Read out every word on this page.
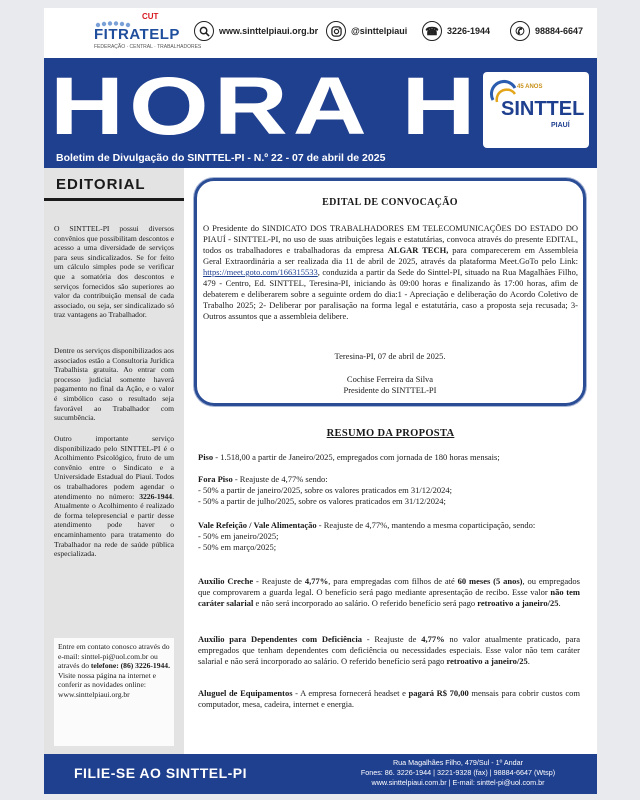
CUT
FITRATELP
FEDERAÇÃO · CENTRAL · TRABALHADORES
www.sinttelpiaui.org.br	@sinttelpiaui ☎ 3226-1944	✆	98884-6647
HORA H
Boletim de Divulgação do SINTTEL-PI - N.º 22 - 07 de abril de 2025
45 ANOS
SINTTEL
PIAUÍ
EDITORIAL

O SINTTEL-PI possui diversos convênios que possibilitam descontos e acesso a uma diversidade de serviços para seus sindicalizados. Se for feito um cálculo simples pode se verificar que a somatória dos descontos e serviços fornecidos são superiores ao valor da contribuição mensal de cada associado, ou seja, ser sindicalizado só traz vantagens ao Trabalhador.

Dentre os serviços disponibilizados aos associados estão a Consultoria Jurídica Trabalhista gratuita. Ao entrar com processo judicial somente haverá pagamento no final da Ação, e o valor é simbólico caso o resultado seja favorável ao Trabalhador com sucumbência.

Outro importante serviço disponibilizado pelo SINTTEL-PI é o Acolhimento Psicológico, fruto de um convênio entre o Sindicato e a Universidade Estadual do Piauí. Todos os trabalhadores podem agendar o atendimento no número: 3226-1944. Atualmente o Acolhimento é realizado de forma telepresencial e partir desse atendimento pode haver o encaminhamento para tratamento do Trabalhador na rede de saúde pública especializada.

Entre em contato conosco através do e-mail: sinttel-pi@uol.com.br ou através do telefone: (86) 3226-1944. Visite nossa página na internet e conferir as novidades online: www.sinttelpiaui.org.br
EDITAL DE CONVOCAÇÃO
O Presidente do SINDICATO DOS TRABALHADORES EM TELECOMUNICAÇÕES DO ESTADO DO PIAUÍ - SINTTEL-PI, no uso de suas atribuições legais e estatutárias, convoca através do presente EDITAL, todos os trabalhadores e trabalhadoras da empresa ALGAR TECH, para comparecerem em Assembleia Geral Extraordinária a ser realizada dia 11 de abril de 2025, através da plataforma Meet.GoTo pelo Link: https://meet.goto.com/166315533, conduzida a partir da Sede do Sinttel-PI, situado na Rua Magalhães Filho, 479 - Centro, Ed. SINTTEL, Teresina-PI, iniciando às 09:00 horas e finalizando às 17:00 horas, afim de debaterem e deliberarem sobre a seguinte ordem do dia:1 - Apreciação e deliberação do Acordo Coletivo de Trabalho 2025; 2- Deliberar por paralisação na forma legal e estatutária, caso a proposta seja recusada; 3- Outros assuntos que a assembleia delibere.
Teresina-PI, 07 de abril de 2025.
Cochise Ferreira da Silva
Presidente do SINTTEL-PI
RESUMO DA PROPOSTA
Piso - 1.518,00 a partir de Janeiro/2025, empregados com jornada de 180 horas mensais;
Fora Piso - Reajuste de 4,77% sendo:
- 50% a partir de janeiro/2025, sobre os valores praticados em 31/12/2024;
- 50% a partir de julho/2025, sobre os valores praticados em 31/12/2024;
Vale Refeição / Vale Alimentação - Reajuste de 4,77%, mantendo a mesma coparticipação, sendo:
- 50% em janeiro/2025;
- 50% em março/2025;
Auxílio Creche - Reajuste de 4,77%, para empregadas com filhos de até 60 meses (5 anos), ou empregados que comprovarem a guarda legal. O benefício será pago mediante apresentação de recibo. Esse valor não tem caráter salarial e não será incorporado ao salário. O referido benefício será pago retroativo a janeiro/25.
Auxílio para Dependentes com Deficiência - Reajuste de 4,77% no valor atualmente praticado, para empregados que tenham dependentes com deficiência ou necessidades especiais. Esse valor não tem caráter salarial e não será incorporado ao salário. O referido benefício será pago retroativo a janeiro/25.
Aluguel de Equipamentos - A empresa fornecerá headset e pagará R$ 70,00 mensais para cobrir custos com computador, mesa, cadeira, internet e energia.
FILIE-SE AO SINTTEL-PI
Rua Magalhães Filho, 479/Sul - 1º Andar
Fones: 86. 3226-1944 | 3221-9328 (fax) | 98884-6647 (Wtsp)
www.sinttelpiaui.com.br | E-mail: sinttel-pi@uol.com.br
